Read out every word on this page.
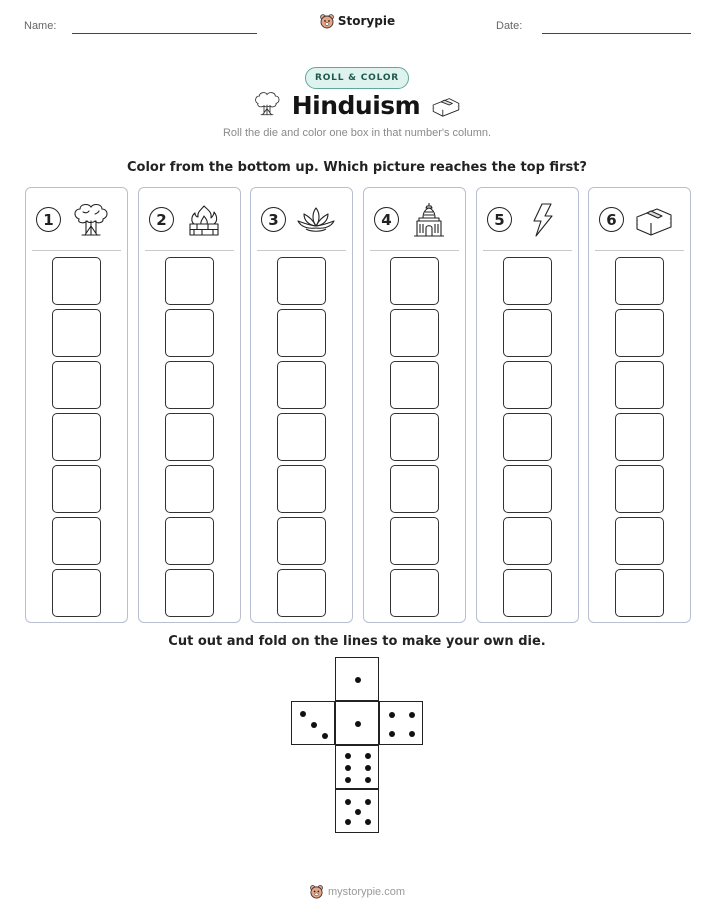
Name:	Date:
Storypie
ROLL & COLOR
Hinduism
Roll the die and color one box in that number's column.
Color from the bottom up. Which picture reaches the top first?
1	2	3	4	5	6
Cut out and fold on the lines to make your own die.
mystorypie.com
